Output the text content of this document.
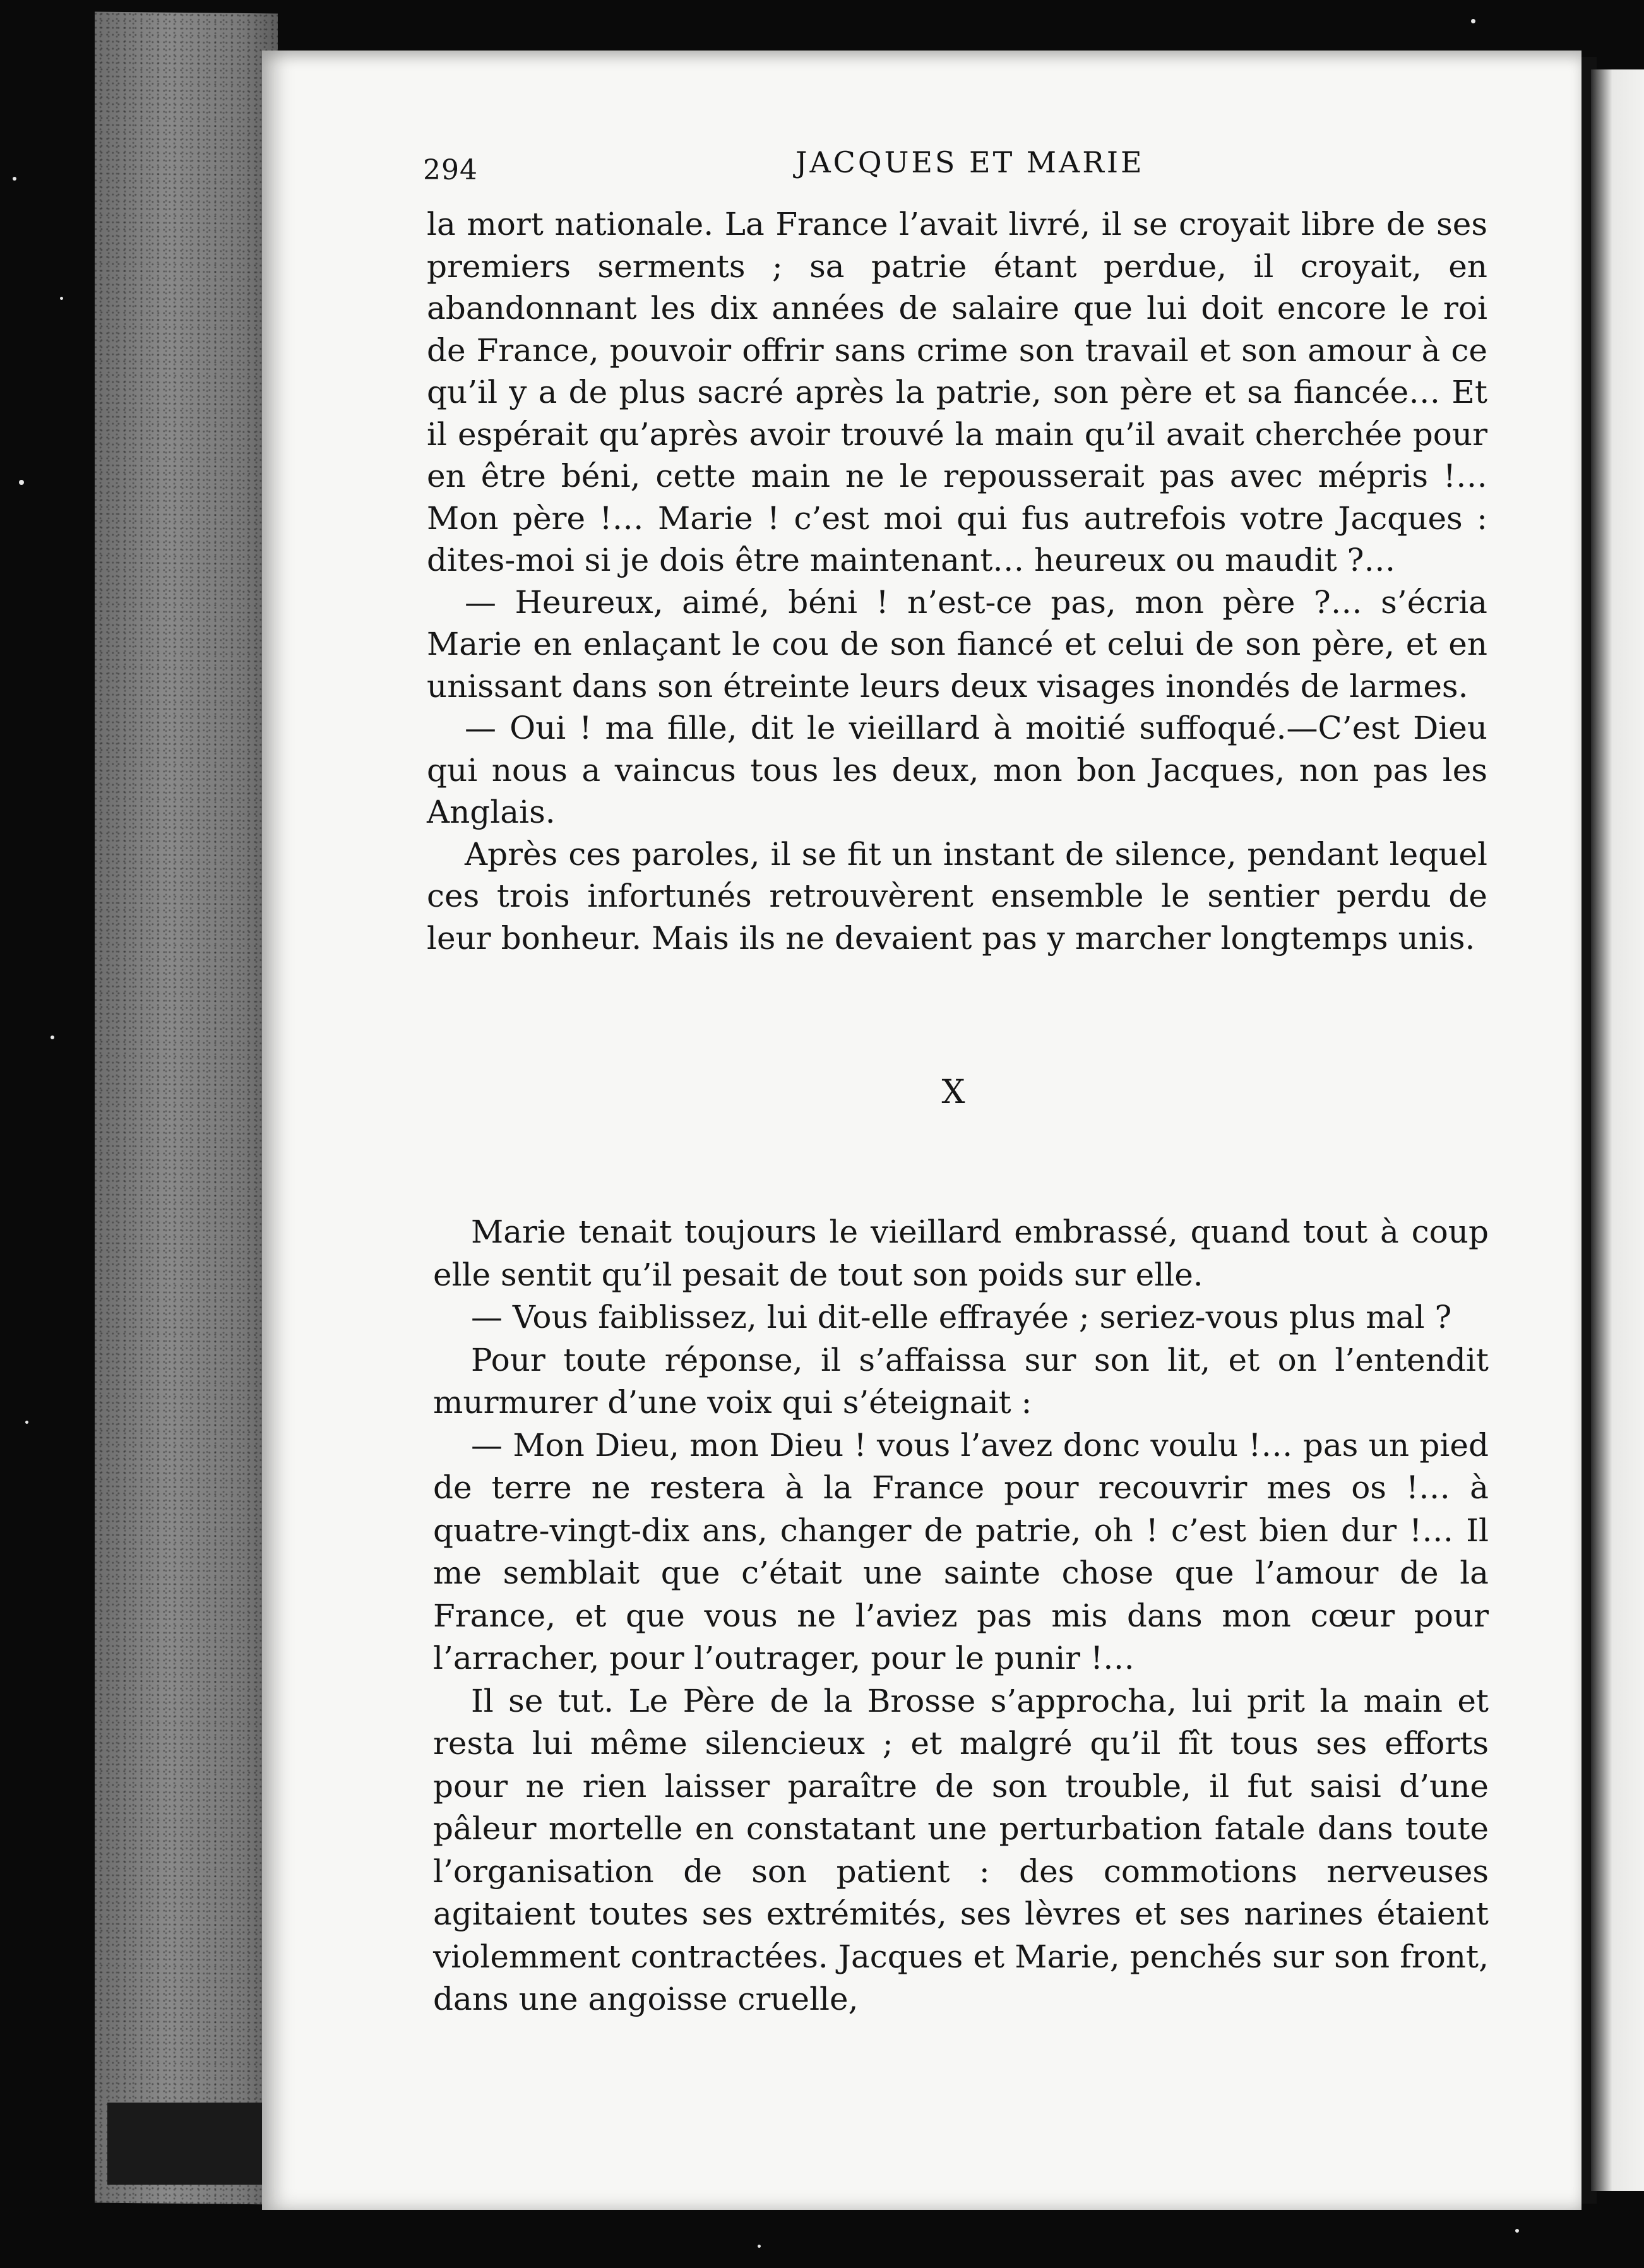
294	JACQUES ET MARIE

la mort nationale. La France l’avait livré, il se croyait libre de ses premiers serments ; sa patrie étant perdue, il croyait, en abandonnant les dix années de salaire que lui doit encore le roi de France, pouvoir offrir sans crime son travail et son amour à ce qu’il y a de plus sacré après la patrie, son père et sa fiancée… Et il espérait qu’après avoir trouvé la main qu’il avait cherchée pour en être béni, cette main ne le repousserait pas avec mépris !… Mon père !… Marie ! c’est moi qui fus autrefois votre Jacques : dites-moi si je dois être maintenant… heureux ou maudit ?…

— Heureux, aimé, béni ! n’est-ce pas, mon père ?… s’écria Marie en enlaçant le cou de son fiancé et celui de son père, et en unissant dans son étreinte leurs deux visages inondés de larmes.

— Oui ! ma fille, dit le vieillard à moitié suffoqué.—C’est Dieu qui nous a vaincus tous les deux, mon bon Jacques, non pas les Anglais.

Après ces paroles, il se fit un instant de silence, pendant lequel ces trois infortunés retrouvèrent ensemble le sentier perdu de leur bonheur. Mais ils ne devaient pas y marcher longtemps unis.

X

Marie tenait toujours le vieillard embrassé, quand tout à coup elle sentit qu’il pesait de tout son poids sur elle.

— Vous faiblissez, lui dit-elle effrayée ; seriez-vous plus mal ?

Pour toute réponse, il s’affaissa sur son lit, et on l’entendit murmurer d’une voix qui s’éteignait :

— Mon Dieu, mon Dieu ! vous l’avez donc voulu !… pas un pied de terre ne restera à la France pour recouvrir mes os !… à quatre-vingt-dix ans, changer de patrie, oh ! c’est bien dur !… Il me semblait que c’était une sainte chose que l’amour de la France, et que vous ne l’aviez pas mis dans mon cœur pour l’arracher, pour l’outrager, pour le punir !…

Il se tut. Le Père de la Brosse s’approcha, lui prit la main et resta lui même silencieux ; et malgré qu’il fît tous ses efforts pour ne rien laisser paraître de son trouble, il fut saisi d’une pâleur mortelle en constatant une perturbation fatale dans toute l’organisation de son patient : des commotions nerveuses agitaient toutes ses extrémités, ses lèvres et ses narines étaient violemment contractées. Jacques et Marie, penchés sur son front, dans une angoisse cruelle,
